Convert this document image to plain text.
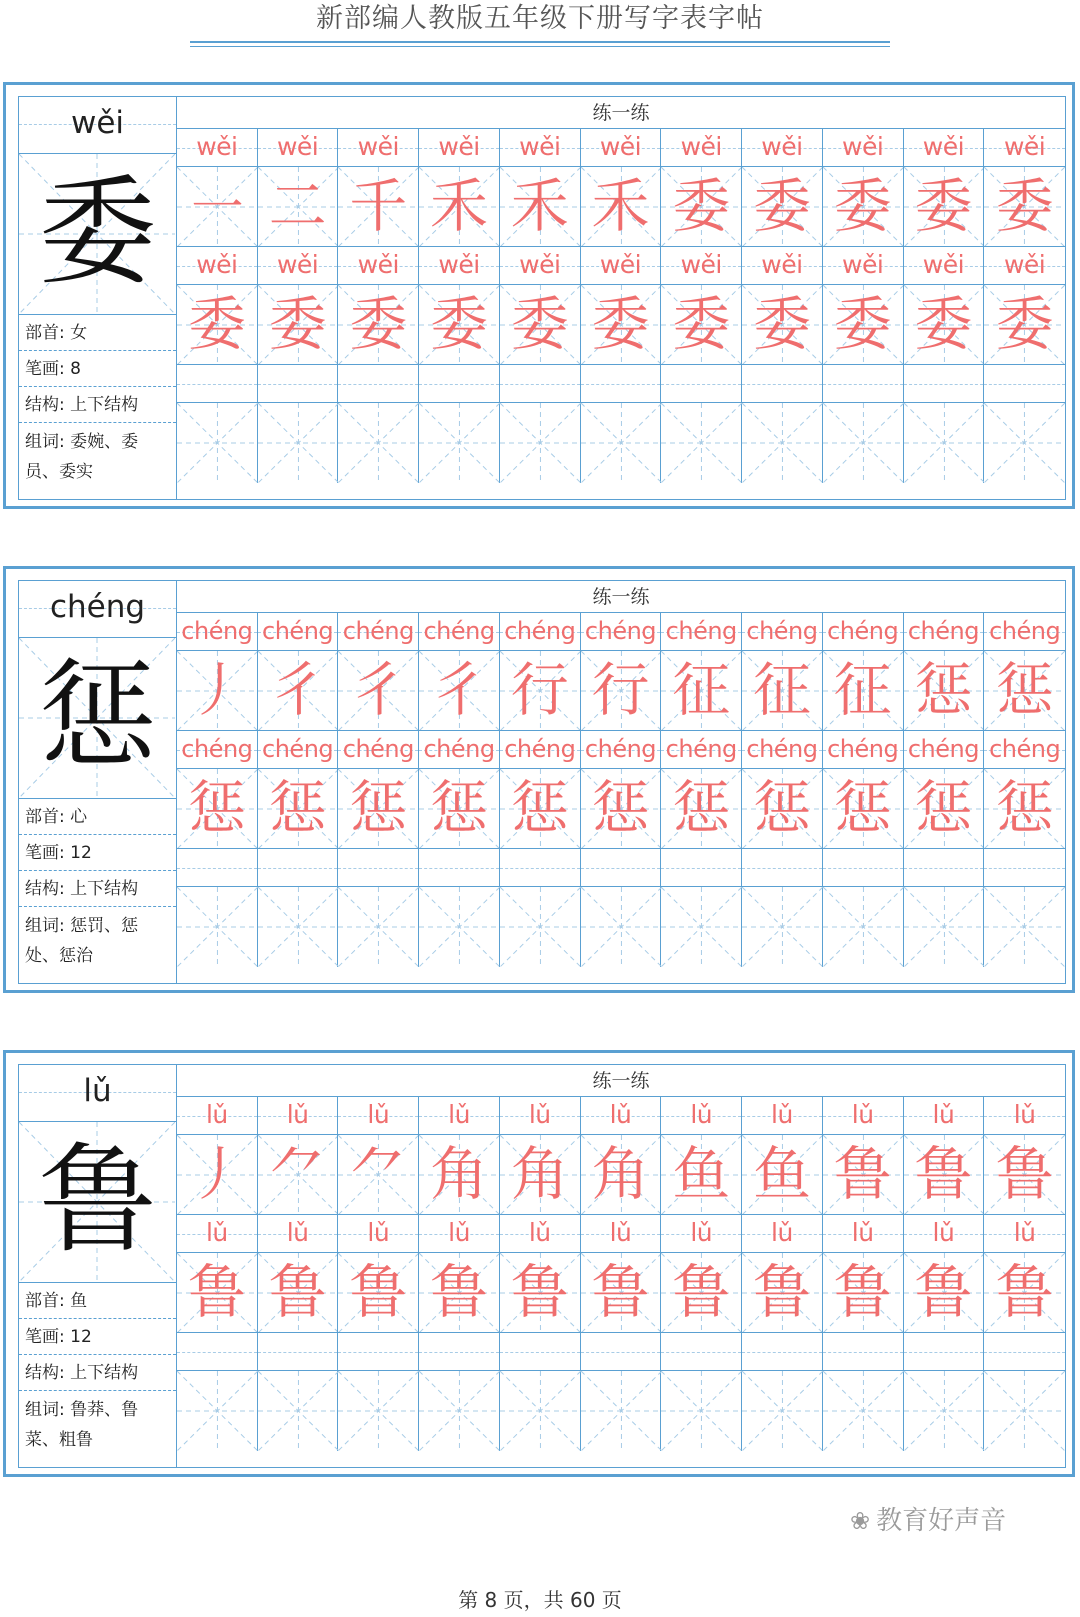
新部编人教版五年级下册写字表字帖
wěi
委
部首: 女
笔画: 8
结构: 上下结构
组词: 委婉、委员、委实
练一练
wěi	wěi	wěi	wěi	wěi	wěi	wěi	wěi	wěi	wěi	wěi
㇐ 二 千 禾 禾 禾 委 委 委 委 委
wěi	wěi	wěi	wěi	wěi	wěi	wěi	wěi	wěi	wěi	wěi
委 委 委 委 委 委 委 委 委 委 委
chéng
惩
部首: 心
笔画: 12
结构: 上下结构
组词: 惩罚、惩处、惩治
练一练
chéng chéng chéng chéng chéng chéng chéng chéng chéng chéng chéng
丿 彳 彳 彳 行 行 征 征 征 惩 惩
chéng chéng chéng chéng chéng chéng chéng chéng chéng chéng chéng
惩 惩 惩 惩 惩 惩 惩 惩 惩 惩 惩
lǔ
鲁
部首: 鱼
笔画: 12
结构: 上下结构
组词: 鲁莽、鲁菜、粗鲁
练一练
lǔ	lǔ	lǔ	lǔ	lǔ	lǔ	lǔ	lǔ	lǔ	lǔ	lǔ
丿 ⺈ ⺈ 角 角 角 鱼 鱼 鲁 鲁 鲁
lǔ	lǔ	lǔ	lǔ	lǔ	lǔ	lǔ	lǔ	lǔ	lǔ	lǔ
鲁 鲁 鲁 鲁 鲁 鲁 鲁 鲁 鲁 鲁 鲁
❀ 教育好声音
第 8 页，共 60 页
